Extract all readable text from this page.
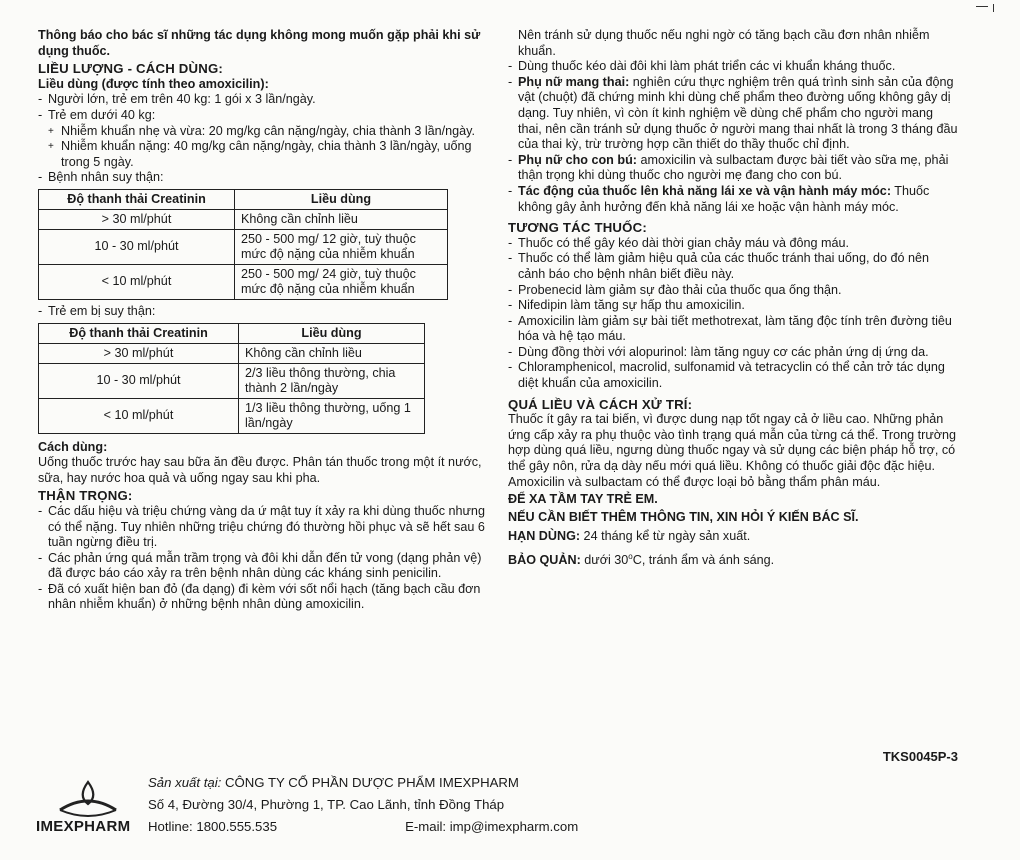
Thông báo cho bác sĩ những tác dụng không mong muốn gặp phải khi sử dụng thuốc.

LIỀU LƯỢNG - CÁCH DÙNG:

Liều dùng (được tính theo amoxicilin):

- Người lớn, trẻ em trên 40 kg: 1 gói x 3 lần/ngày.

- Trẻ em dưới 40 kg:

+ Nhiễm khuẩn nhẹ và vừa: 20 mg/kg cân nặng/ngày, chia thành 3 lần/ngày.

+ Nhiễm khuẩn nặng: 40 mg/kg cân nặng/ngày, chia thành 3 lần/ngày, uống trong 5 ngày.

- Bệnh nhân suy thận:

Độ thanh thải Creatinin	Liều dùng
> 30 ml/phút	Không cần chỉnh liều
10 - 30 ml/phút	250 - 500 mg/ 12 giờ, tuỳ thuộc mức độ nặng của nhiễm khuẩn
< 10 ml/phút	250 - 500 mg/ 24 giờ, tuỳ thuộc mức độ nặng của nhiễm khuẩn

- Trẻ em bị suy thận:

Độ thanh thải Creatinin	Liều dùng
> 30 ml/phút	Không cần chỉnh liều
10 - 30 ml/phút	2/3 liều thông thường, chia thành 2 lần/ngày
< 10 ml/phút	1/3 liều thông thường, uống 1 lần/ngày

Cách dùng:

Uống thuốc trước hay sau bữa ăn đều được. Phân tán thuốc trong một ít nước, sữa, hay nước hoa quả và uống ngay sau khi pha.

THẬN TRỌNG:

- Các dấu hiệu và triệu chứng vàng da ứ mật tuy ít xảy ra khi dùng thuốc nhưng có thể nặng. Tuy nhiên những triệu chứng đó thường hồi phục và sẽ hết sau 6 tuần ngừng điều trị.

- Các phản ứng quá mẫn trầm trọng và đôi khi dẫn đến tử vong (dạng phản vệ) đã được báo cáo xảy ra trên bệnh nhân dùng các kháng sinh penicilin.

- Đã có xuất hiện ban đỏ (đa dạng) đi kèm với sốt nổi hạch (tăng bạch cầu đơn nhân nhiễm khuẩn) ở những bệnh nhân dùng amoxicilin.

Nên tránh sử dụng thuốc nếu nghi ngờ có tăng bạch cầu đơn nhân nhiễm khuẩn.

- Dùng thuốc kéo dài đôi khi làm phát triển các vi khuẩn kháng thuốc.

- Phụ nữ mang thai: nghiên cứu thực nghiệm trên quá trình sinh sản của động vật (chuột) đã chứng minh khi dùng chế phẩm theo đường uống không gây dị dạng. Tuy nhiên, vì còn ít kinh nghiệm về dùng chế phẩm cho người mang thai, nên cần tránh sử dụng thuốc ở người mang thai nhất là trong 3 tháng đầu của thai kỳ, trừ trường hợp cần thiết do thầy thuốc chỉ định.

- Phụ nữ cho con bú: amoxicilin và sulbactam được bài tiết vào sữa mẹ, phải thận trọng khi dùng thuốc cho người mẹ đang cho con bú.

- Tác động của thuốc lên khả năng lái xe và vận hành máy móc: Thuốc không gây ảnh hưởng đến khả năng lái xe hoặc vận hành máy móc.

TƯƠNG TÁC THUỐC:

- Thuốc có thể gây kéo dài thời gian chảy máu và đông máu.

- Thuốc có thể làm giảm hiệu quả của các thuốc tránh thai uống, do đó nên cảnh báo cho bệnh nhân biết điều này.

- Probenecid làm giảm sự đào thải của thuốc qua ống thận.

- Nifedipin làm tăng sự hấp thu amoxicilin.

- Amoxicilin làm giảm sự bài tiết methotrexat, làm tăng độc tính trên đường tiêu hóa và hệ tạo máu.

- Dùng đồng thời với alopurinol: làm tăng nguy cơ các phản ứng dị ứng da.

- Chloramphenicol, macrolid, sulfonamid và tetracyclin có thể cản trở tác dụng diệt khuẩn của amoxicilin.

QUÁ LIỀU VÀ CÁCH XỬ TRÍ:

Thuốc ít gây ra tai biến, vì được dung nạp tốt ngay cả ở liều cao. Những phản ứng cấp xảy ra phụ thuộc vào tình trạng quá mẫn của từng cá thể. Trong trường hợp dùng quá liều, ngưng dùng thuốc ngay và sử dụng các biện pháp hỗ trợ, có thể gây nôn, rửa dạ dày nếu mới quá liều. Không có thuốc giải độc đặc hiệu. Amoxicilin và sulbactam có thể được loại bỏ bằng thẩm phân máu.

ĐỂ XA TẦM TAY TRẺ EM.

NẾU CẦN BIẾT THÊM THÔNG TIN, XIN HỎI Ý KIẾN BÁC SĨ.

HẠN DÙNG: 24 tháng kể từ ngày sản xuất.

BẢO QUẢN: dưới 30$^o$C, tránh ẩm và ánh sáng.

TKS0045P-3
IMEXPHARM
Sản xuất tại: CÔNG TY CỔ PHẦN DƯỢC PHẨM IMEXPHARM
Số 4, Đường 30/4, Phường 1, TP. Cao Lãnh, tỉnh Đồng Tháp
Hotline: 1800.555.535	E-mail: imp@imexpharm.com
